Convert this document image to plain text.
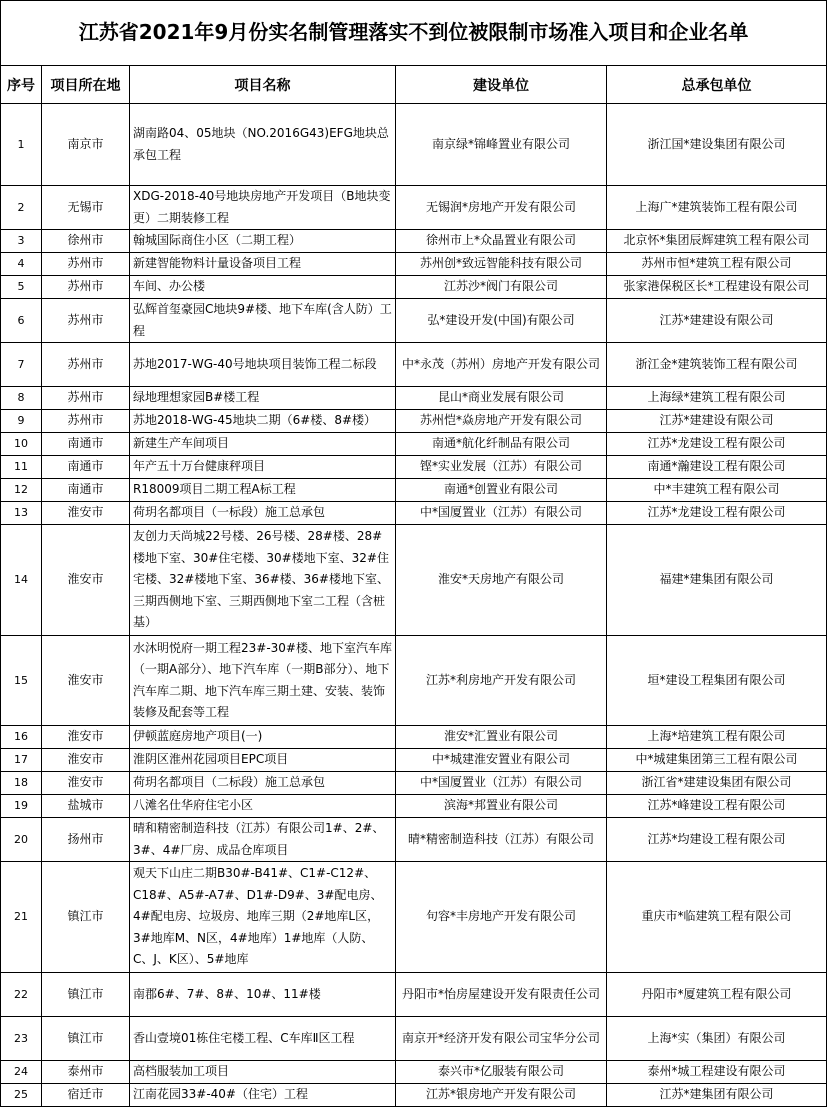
江苏省2021年9月份实名制管理落实不到位被限制市场准入项目和企业名单				
序号	项目所在地	项目名称	建设单位	总承包单位
1	南京市	湖南路04、05地块（NO.2016G43)EFG地块总承包工程	南京绿*锦峰置业有限公司	浙江国*建设集团有限公司
2	无锡市	XDG-2018-40号地块房地产开发项目（B地块变更）二期装修工程	无锡润*房地产开发有限公司	上海广*建筑装饰工程有限公司
3	徐州市	翰城国际商住小区（二期工程）	徐州市上*众晶置业有限公司	北京怀*集团辰辉建筑工程有限公司
4	苏州市	新建智能物料计量设备项目工程	苏州创*致远智能科技有限公司	苏州市恒*建筑工程有限公司
5	苏州市	车间、办公楼	江苏沙*阀门有限公司	张家港保税区长*工程建设有限公司
6	苏州市	弘辉首玺豪园C地块9#楼、地下车库(含人防）工程	弘*建设开发(中国)有限公司	江苏*建建设有限公司
7	苏州市	苏地2017-WG-40号地块项目装饰工程二标段	中*永茂（苏州）房地产开发有限公司	浙江金*建筑装饰工程有限公司
8	苏州市	绿地理想家园B#楼工程	昆山*商业发展有限公司	上海绿*建筑工程有限公司
9	苏州市	苏地2018-WG-45地块二期（6#楼、8#楼）	苏州恺*焱房地产开发有限公司	江苏*建建设有限公司
10	南通市	新建生产车间项目	南通*航化纤制品有限公司	江苏*龙建设工程有限公司
11	南通市	年产五十万台健康秤项目	铿*实业发展（江苏）有限公司	南通*瀚建设工程有限公司
12	南通市	R18009项目二期工程A标工程	南通*创置业有限公司	中*丰建筑工程有限公司
13	淮安市	荷玥名都项目（一标段）施工总承包	中*国厦置业（江苏）有限公司	江苏*龙建设工程有限公司
14	淮安市	友创力天尚城22号楼、26号楼、28#楼、28#楼地下室、30#住宅楼、30#楼地下室、32#住宅楼、32#楼地下室、36#楼、36#楼地下室、三期西侧地下室、三期西侧地下室二工程（含桩基）	淮安*天房地产有限公司	福建*建集团有限公司
15	淮安市	水沐明悦府一期工程23#-30#楼、地下室汽车库（一期A部分）、地下汽车库（一期B部分）、地下汽车库二期、地下汽车库三期土建、安装、装饰装修及配套等工程	江苏*利房地产开发有限公司	垣*建设工程集团有限公司
16	淮安市	伊顿蓝庭房地产项目(一)	淮安*汇置业有限公司	上海*培建筑工程有限公司
17	淮安市	淮阴区淮州花园项目EPC项目	中*城建淮安置业有限公司	中*城建集团第三工程有限公司
18	淮安市	荷玥名都项目（二标段）施工总承包	中*国厦置业（江苏）有限公司	浙江省*建建设集团有限公司
19	盐城市	八滩名仕华府住宅小区	滨海*邦置业有限公司	江苏*峰建设工程有限公司
20	扬州市	晴和精密制造科技（江苏）有限公司1#、2#、3#、4#厂房、成品仓库项目	晴*精密制造科技（江苏）有限公司	江苏*均建设工程有限公司
21	镇江市	观天下山庄二期B30#-B41#、C1#-C12#、C18#、A5#-A7#、D1#-D9#、3#配电房、4#配电房、垃圾房、地库三期（2#地库L区，3#地库M、N区，4#地库）1#地库（人防、C、J、K区）、5#地库	句容*丰房地产开发有限公司	重庆市*临建筑工程有限公司
22	镇江市	南郡6#、7#、8#、10#、11#楼	丹阳市*怡房屋建设开发有限责任公司	丹阳市*厦建筑工程有限公司
23	镇江市	香山壹境01栋住宅楼工程、C车库Ⅱ区工程	南京开*经济开发有限公司宝华分公司	上海*实（集团）有限公司
24	泰州市	高档服装加工项目	泰兴市*亿服装有限公司	泰州*城工程建设有限公司
25	宿迁市	江南花园33#-40#（住宅）工程	江苏*银房地产开发有限公司	江苏*建集团有限公司
